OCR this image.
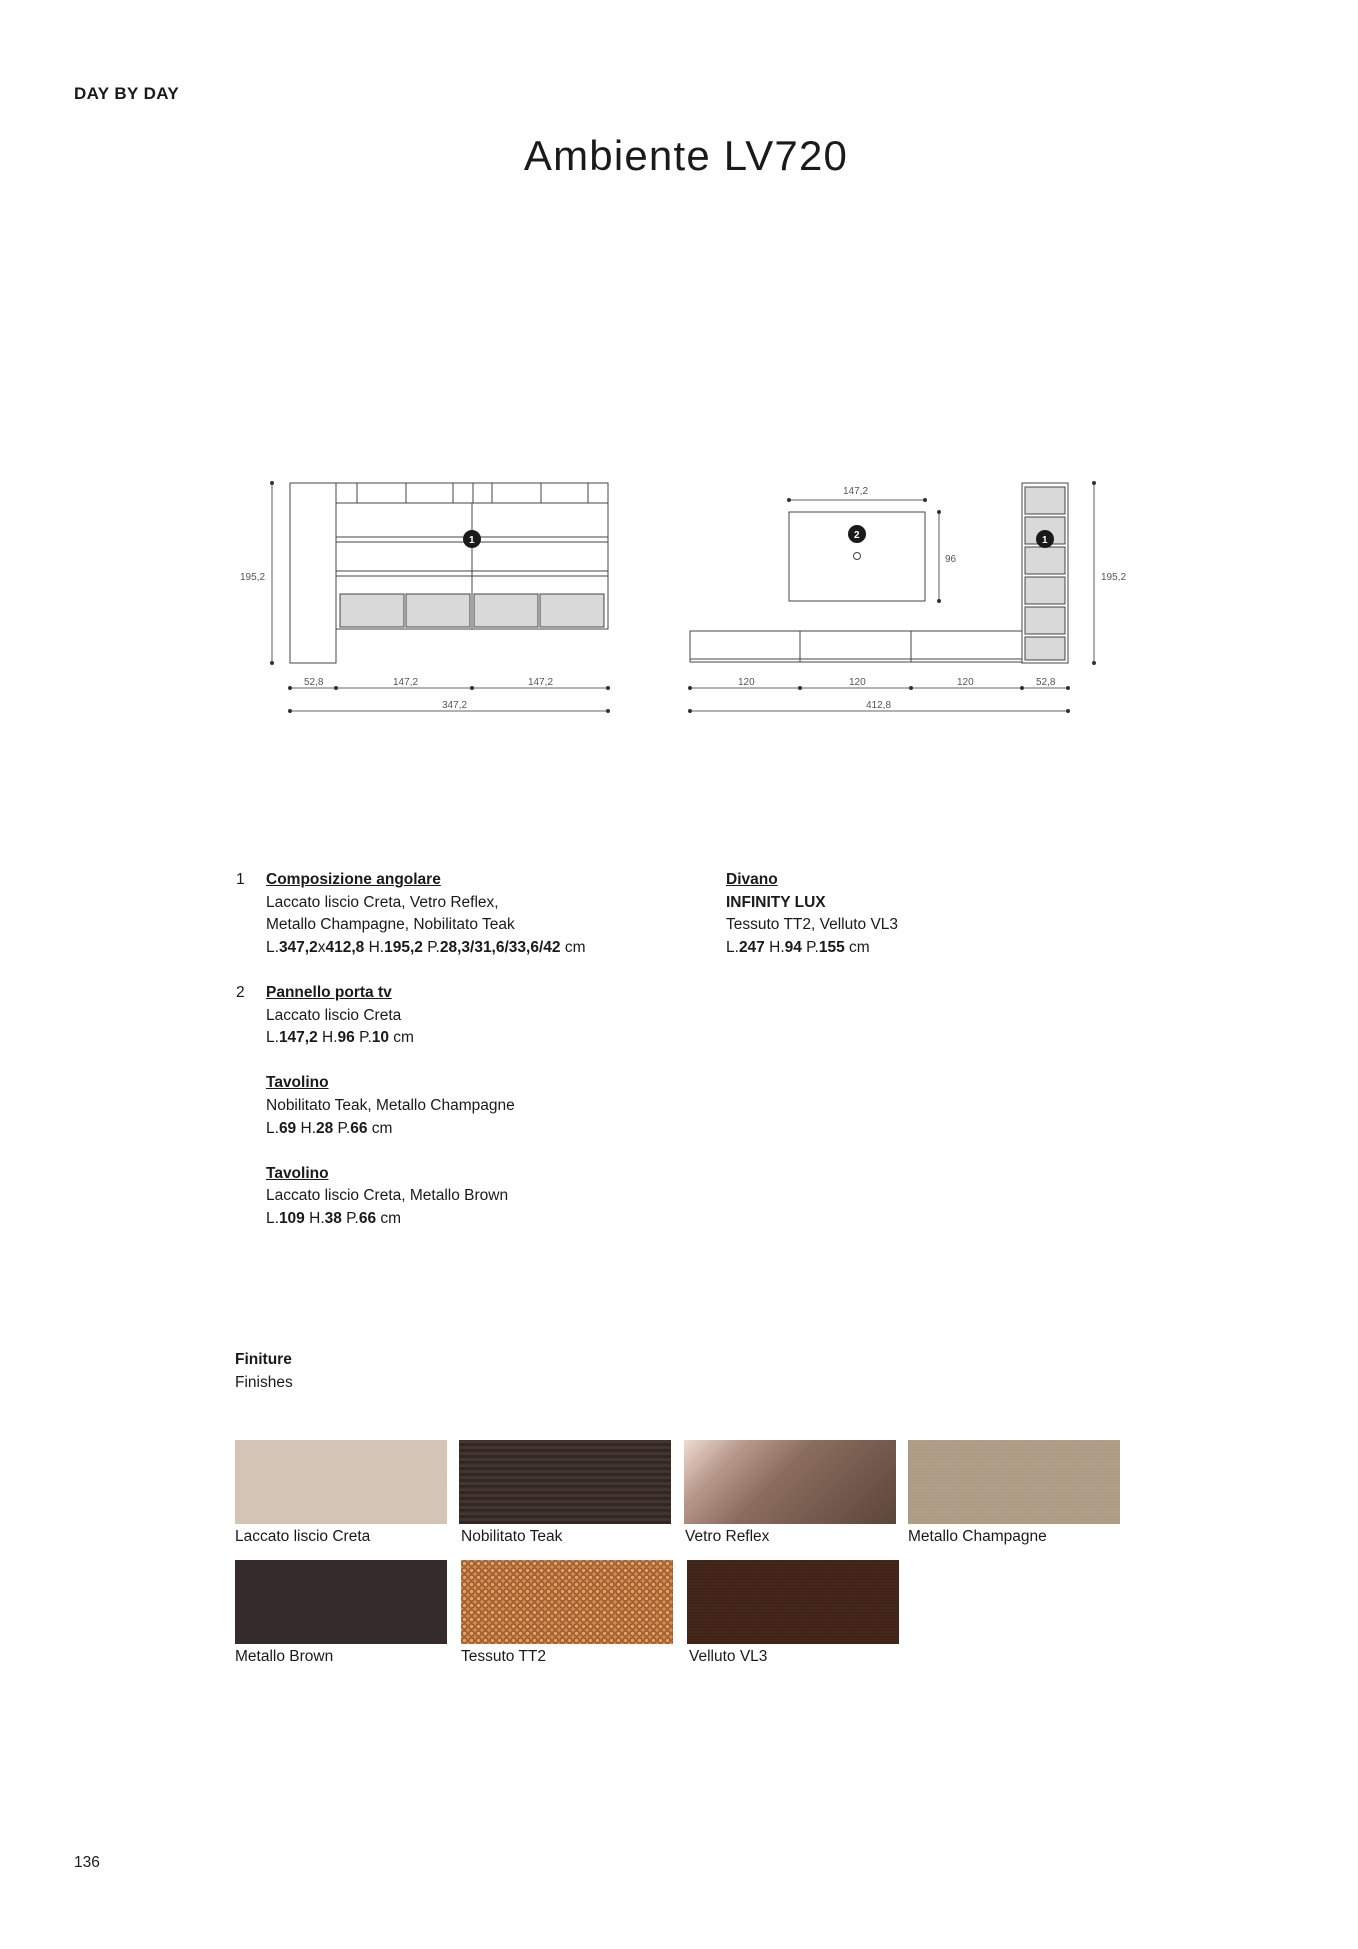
DAY BY DAY
Ambiente LV720
195,2
52,8	147,2	147,2
347,2
1
147,2
96
195,2
120	120	120	52,8
412,8
2	1
1 Composizione angolare

Laccato liscio Creta, Vetro Reflex,

Metallo Champagne, Nobilitato Teak

L.347,2x412,8 H.195,2 P.28,3/31,6/33,6/42 cm

2 Pannello porta tv

Laccato liscio Creta

L.147,2 H.96 P.10 cm

Tavolino

Nobilitato Teak, Metallo Champagne

L.69 H.28 P.66 cm

Tavolino

Laccato liscio Creta, Metallo Brown

L.109 H.38 P.66 cm

Divano

INFINITY LUX

Tessuto TT2, Velluto VL3

L.247 H.94 P.155 cm

Finiture
Finishes
Laccato liscio Creta	Nobilitato Teak	Vetro Reflex	Metallo Champagne
Metallo Brown	Tessuto TT2	Velluto VL3
136
